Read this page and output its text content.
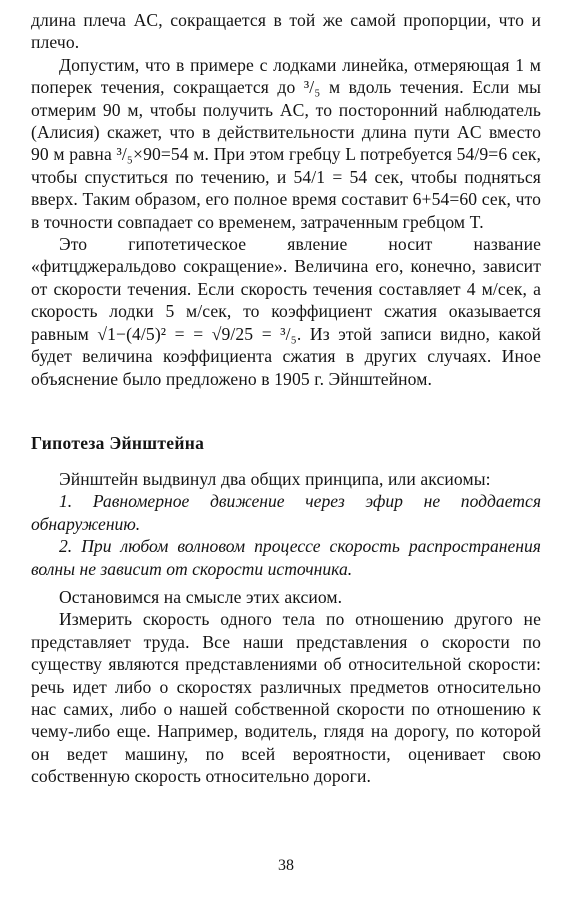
длина плеча AC, сокращается в той же самой пропорции, что и плечо.

Допустим, что в примере с лодками линейка, отмеряющая 1 м поперек течения, сокращается до ³/₅ м вдоль течения. Если мы отмерим 90 м, чтобы получить AC, то посторонний наблюдатель (Алисия) скажет, что в действительности длина пути AC вместо 90 м равна ³/₅×90=54 м. При этом гребцу L потребуется 54/9=6 сек, чтобы спуститься по течению, и 54/1 = 54 сек, чтобы подняться вверх. Таким образом, его полное время составит 6+54=60 сек, что в точности совпадает со временем, затраченным гребцом T.

Это гипотетическое явление носит название «фитцджеральдово сокращение». Величина его, конечно, зависит от скорости течения. Если скорость течения составляет 4 м/сек, а скорость лодки 5 м/сек, то коэффициент сжатия оказывается равным √1−(4/5)² = = √9/25 = ³/₅. Из этой записи видно, какой будет величина коэффициента сжатия в других случаях. Иное объяснение было предложено в 1905 г. Эйнштейном.

Гипотеза Эйнштейна

Эйнштейн выдвинул два общих принципа, или аксиомы:

1. Равномерное движение через эфир не поддается обнаружению.

2. При любом волновом процессе скорость распространения волны не зависит от скорости источника.

Остановимся на смысле этих аксиом.

Измерить скорость одного тела по отношению другого не представляет труда. Все наши представления о скорости по существу являются представлениями об относительной скорости: речь идет либо о скоростях различных предметов относительно нас самих, либо о нашей собственной скорости по отношению к чему-либо еще. Например, водитель, глядя на дорогу, по которой он ведет машину, по всей вероятности, оценивает свою собственную скорость относительно дороги.

38
